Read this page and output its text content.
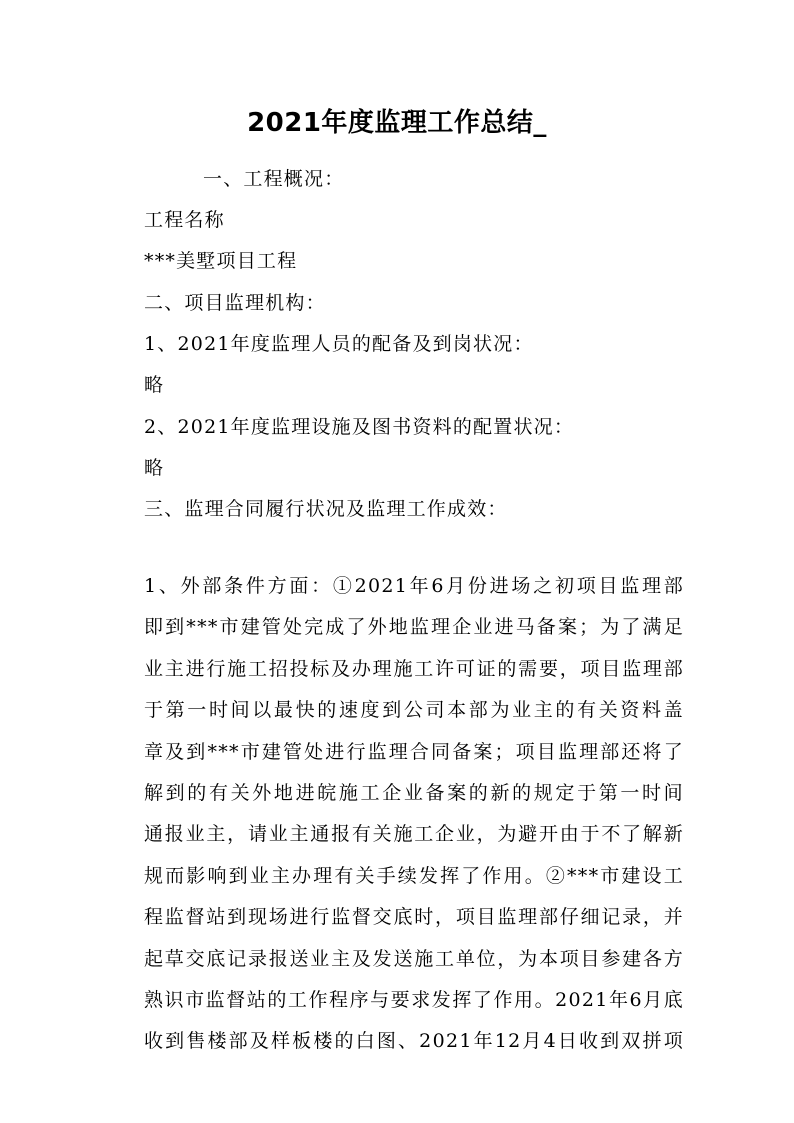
2021年度监理工作总结_
一、工程概况：
工程名称
***美墅项目工程
二、项目监理机构：
1、2021年度监理人员的配备及到岗状况：
略
2、2021年度监理设施及图书资料的配置状况：
略
三、监理合同履行状况及监理工作成效：
1、外部条件方面：①2021年6月份进场之初项目监理部
即到***市建管处完成了外地监理企业进马备案；为了满足
业主进行施工招投标及办理施工许可证的需要，项目监理部
于第一时间以最快的速度到公司本部为业主的有关资料盖
章及到***市建管处进行监理合同备案；项目监理部还将了
解到的有关外地进皖施工企业备案的新的规定于第一时间
通报业主，请业主通报有关施工企业，为避开由于不了解新
规而影响到业主办理有关手续发挥了作用。②***市建设工
程监督站到现场进行监督交底时，项目监理部仔细记录，并
起草交底记录报送业主及发送施工单位，为本项目参建各方
熟识市监督站的工作程序与要求发挥了作用。2021年6月底
收到售楼部及样板楼的白图、2021年12月4日收到双拼项
